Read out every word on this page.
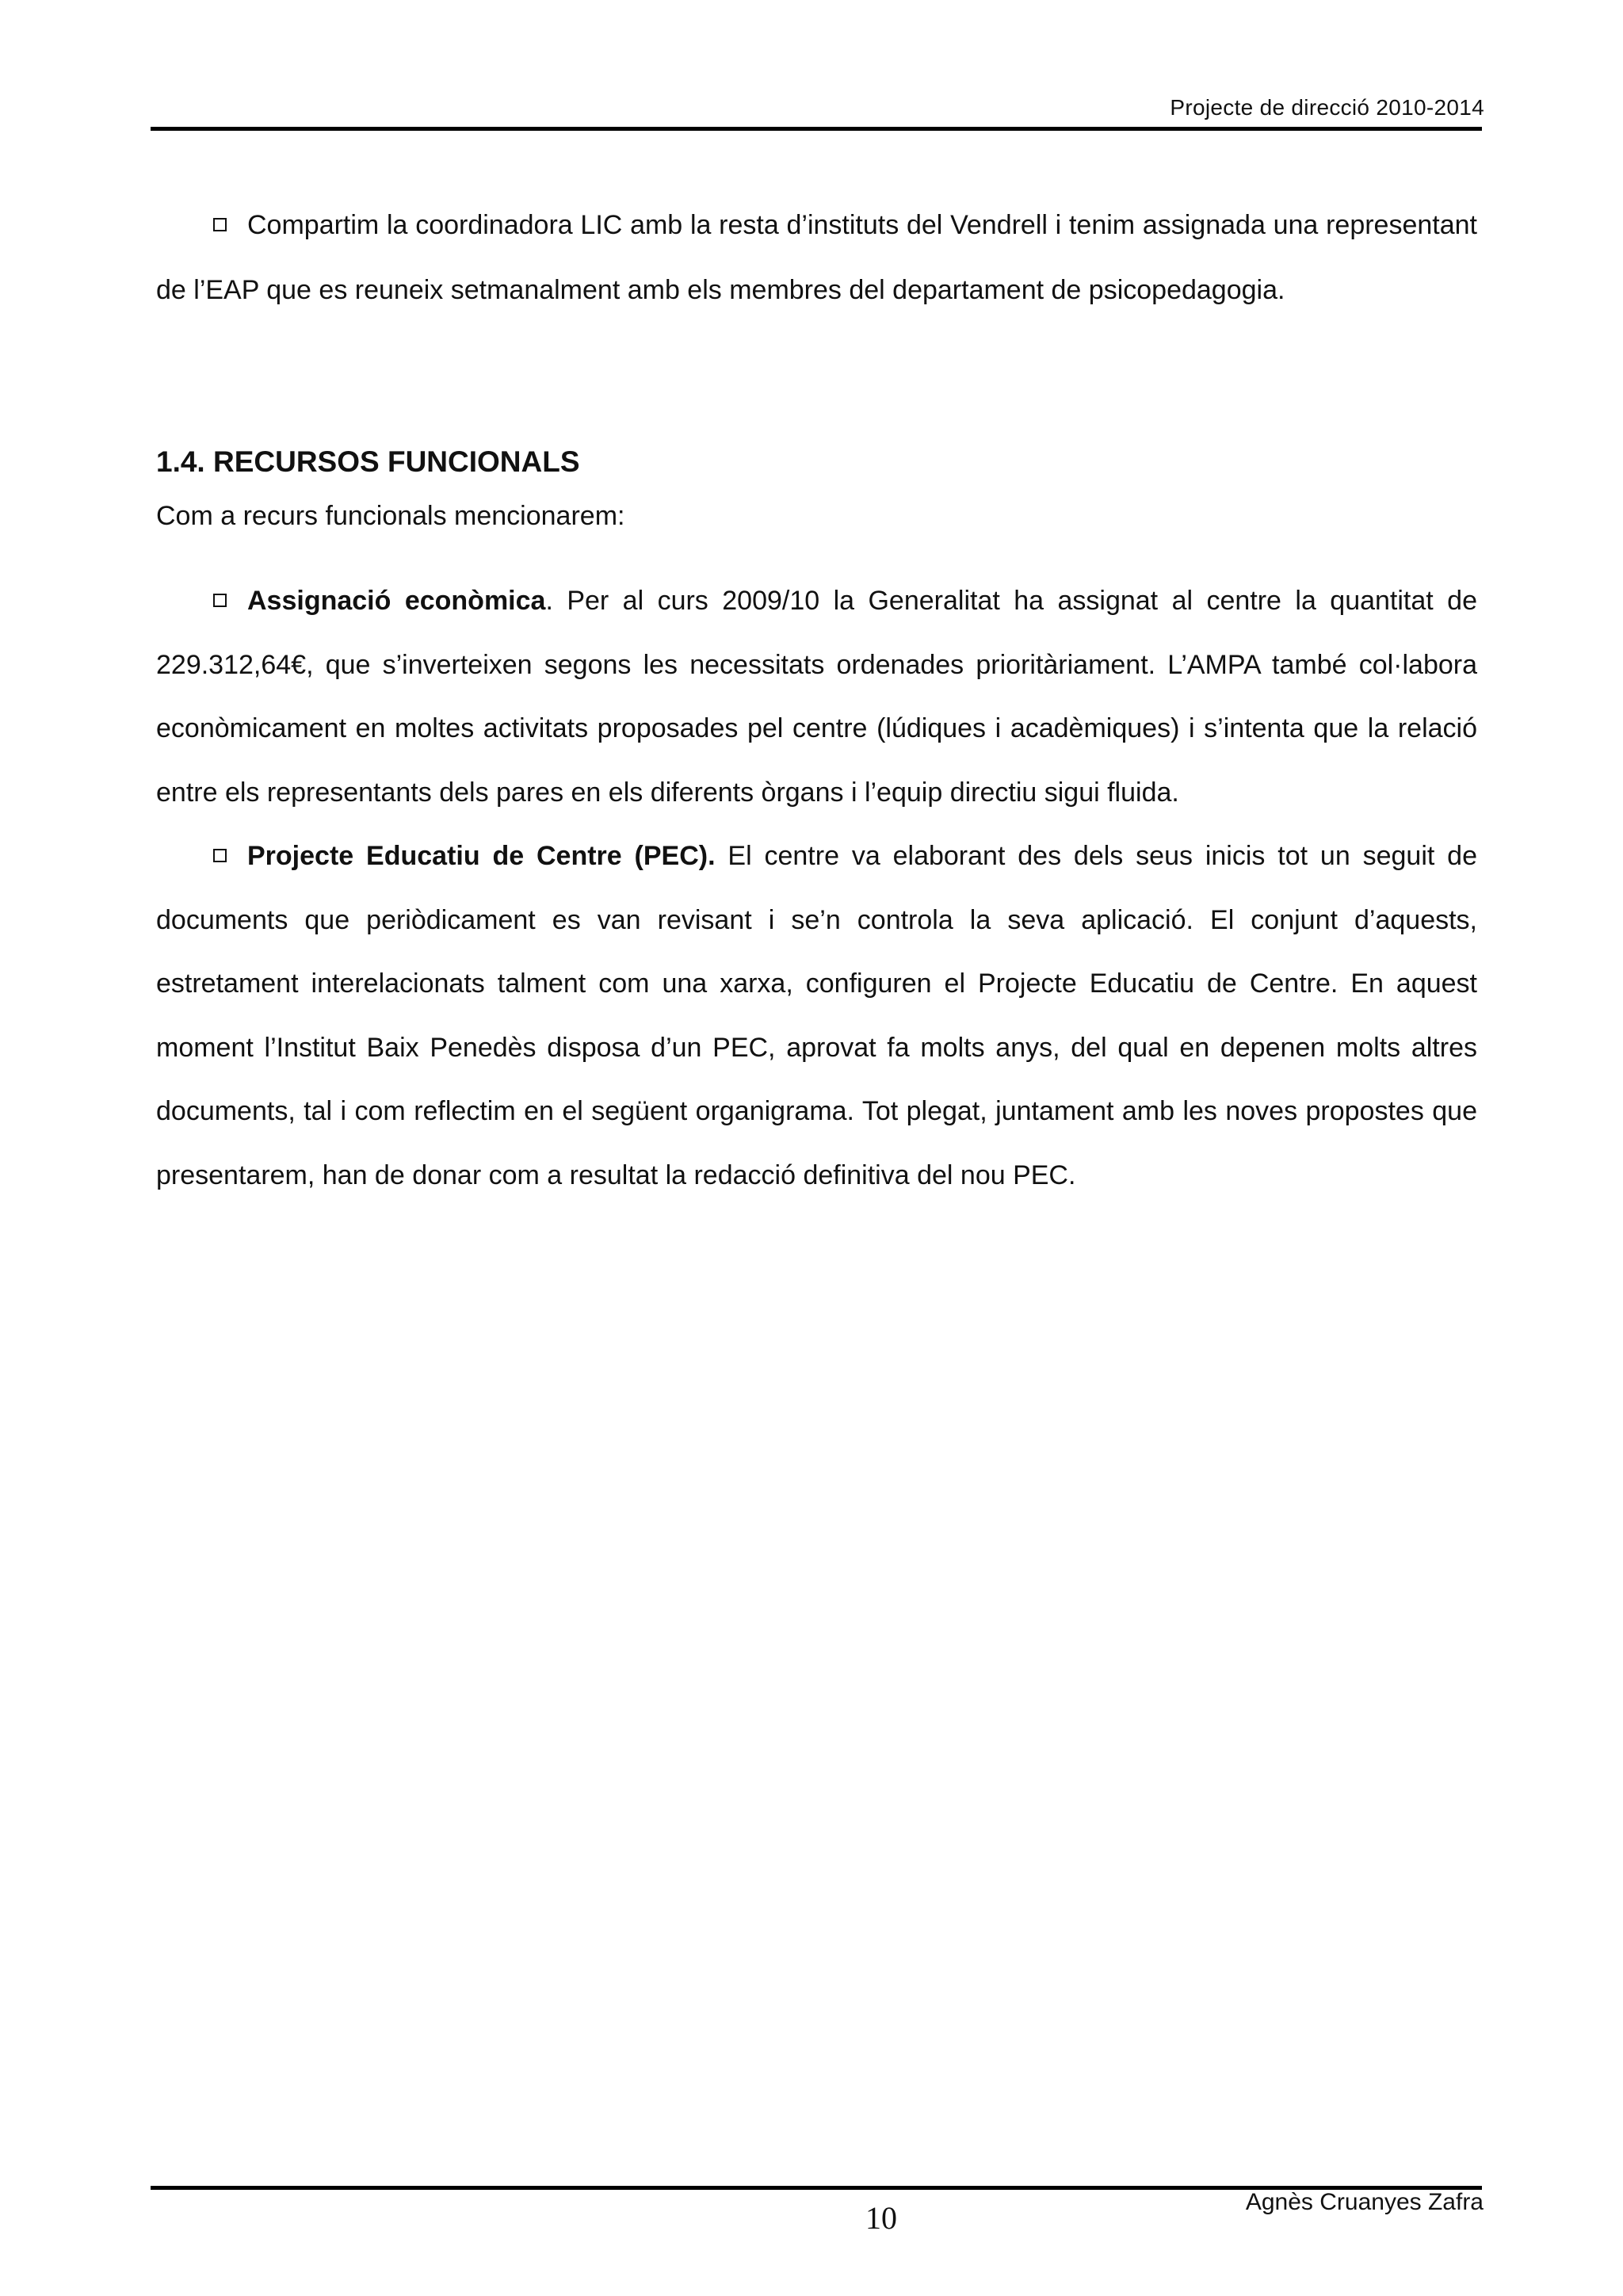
Projecte de direcció 2010-2014

Compartim la coordinadora LIC amb la resta d’instituts del Vendrell i tenim assignada una representant de l’EAP que es reuneix setmanalment amb els membres del departament de psicopedagogia.

1.4. RECURSOS FUNCIONALS

Com a recurs funcionals mencionarem:

Assignació econòmica. Per al curs 2009/10 la Generalitat ha assignat al centre la quantitat de 229.312,64€, que s’inverteixen segons les necessitats ordenades prioritàriament. L’AMPA també col·labora econòmicament en moltes activitats proposades pel centre (lúdiques i acadèmiques) i s’intenta que la relació entre els representants dels pares en els diferents òrgans i l’equip directiu sigui fluida.

Projecte Educatiu de Centre (PEC). El centre va elaborant des dels seus inicis tot un seguit de documents que periòdicament es van revisant i se’n controla la seva aplicació. El conjunt d’aquests, estretament interelacionats talment com una xarxa, configuren el Projecte Educatiu de Centre. En aquest moment l’Institut Baix Penedès disposa d’un PEC, aprovat fa molts anys, del qual en depenen molts altres documents, tal i com reflectim en el següent organigrama. Tot plegat, juntament amb les noves propostes que presentarem, han de donar com a resultat la redacció definitiva del nou PEC.

10	Agnès Cruanyes Zafra
